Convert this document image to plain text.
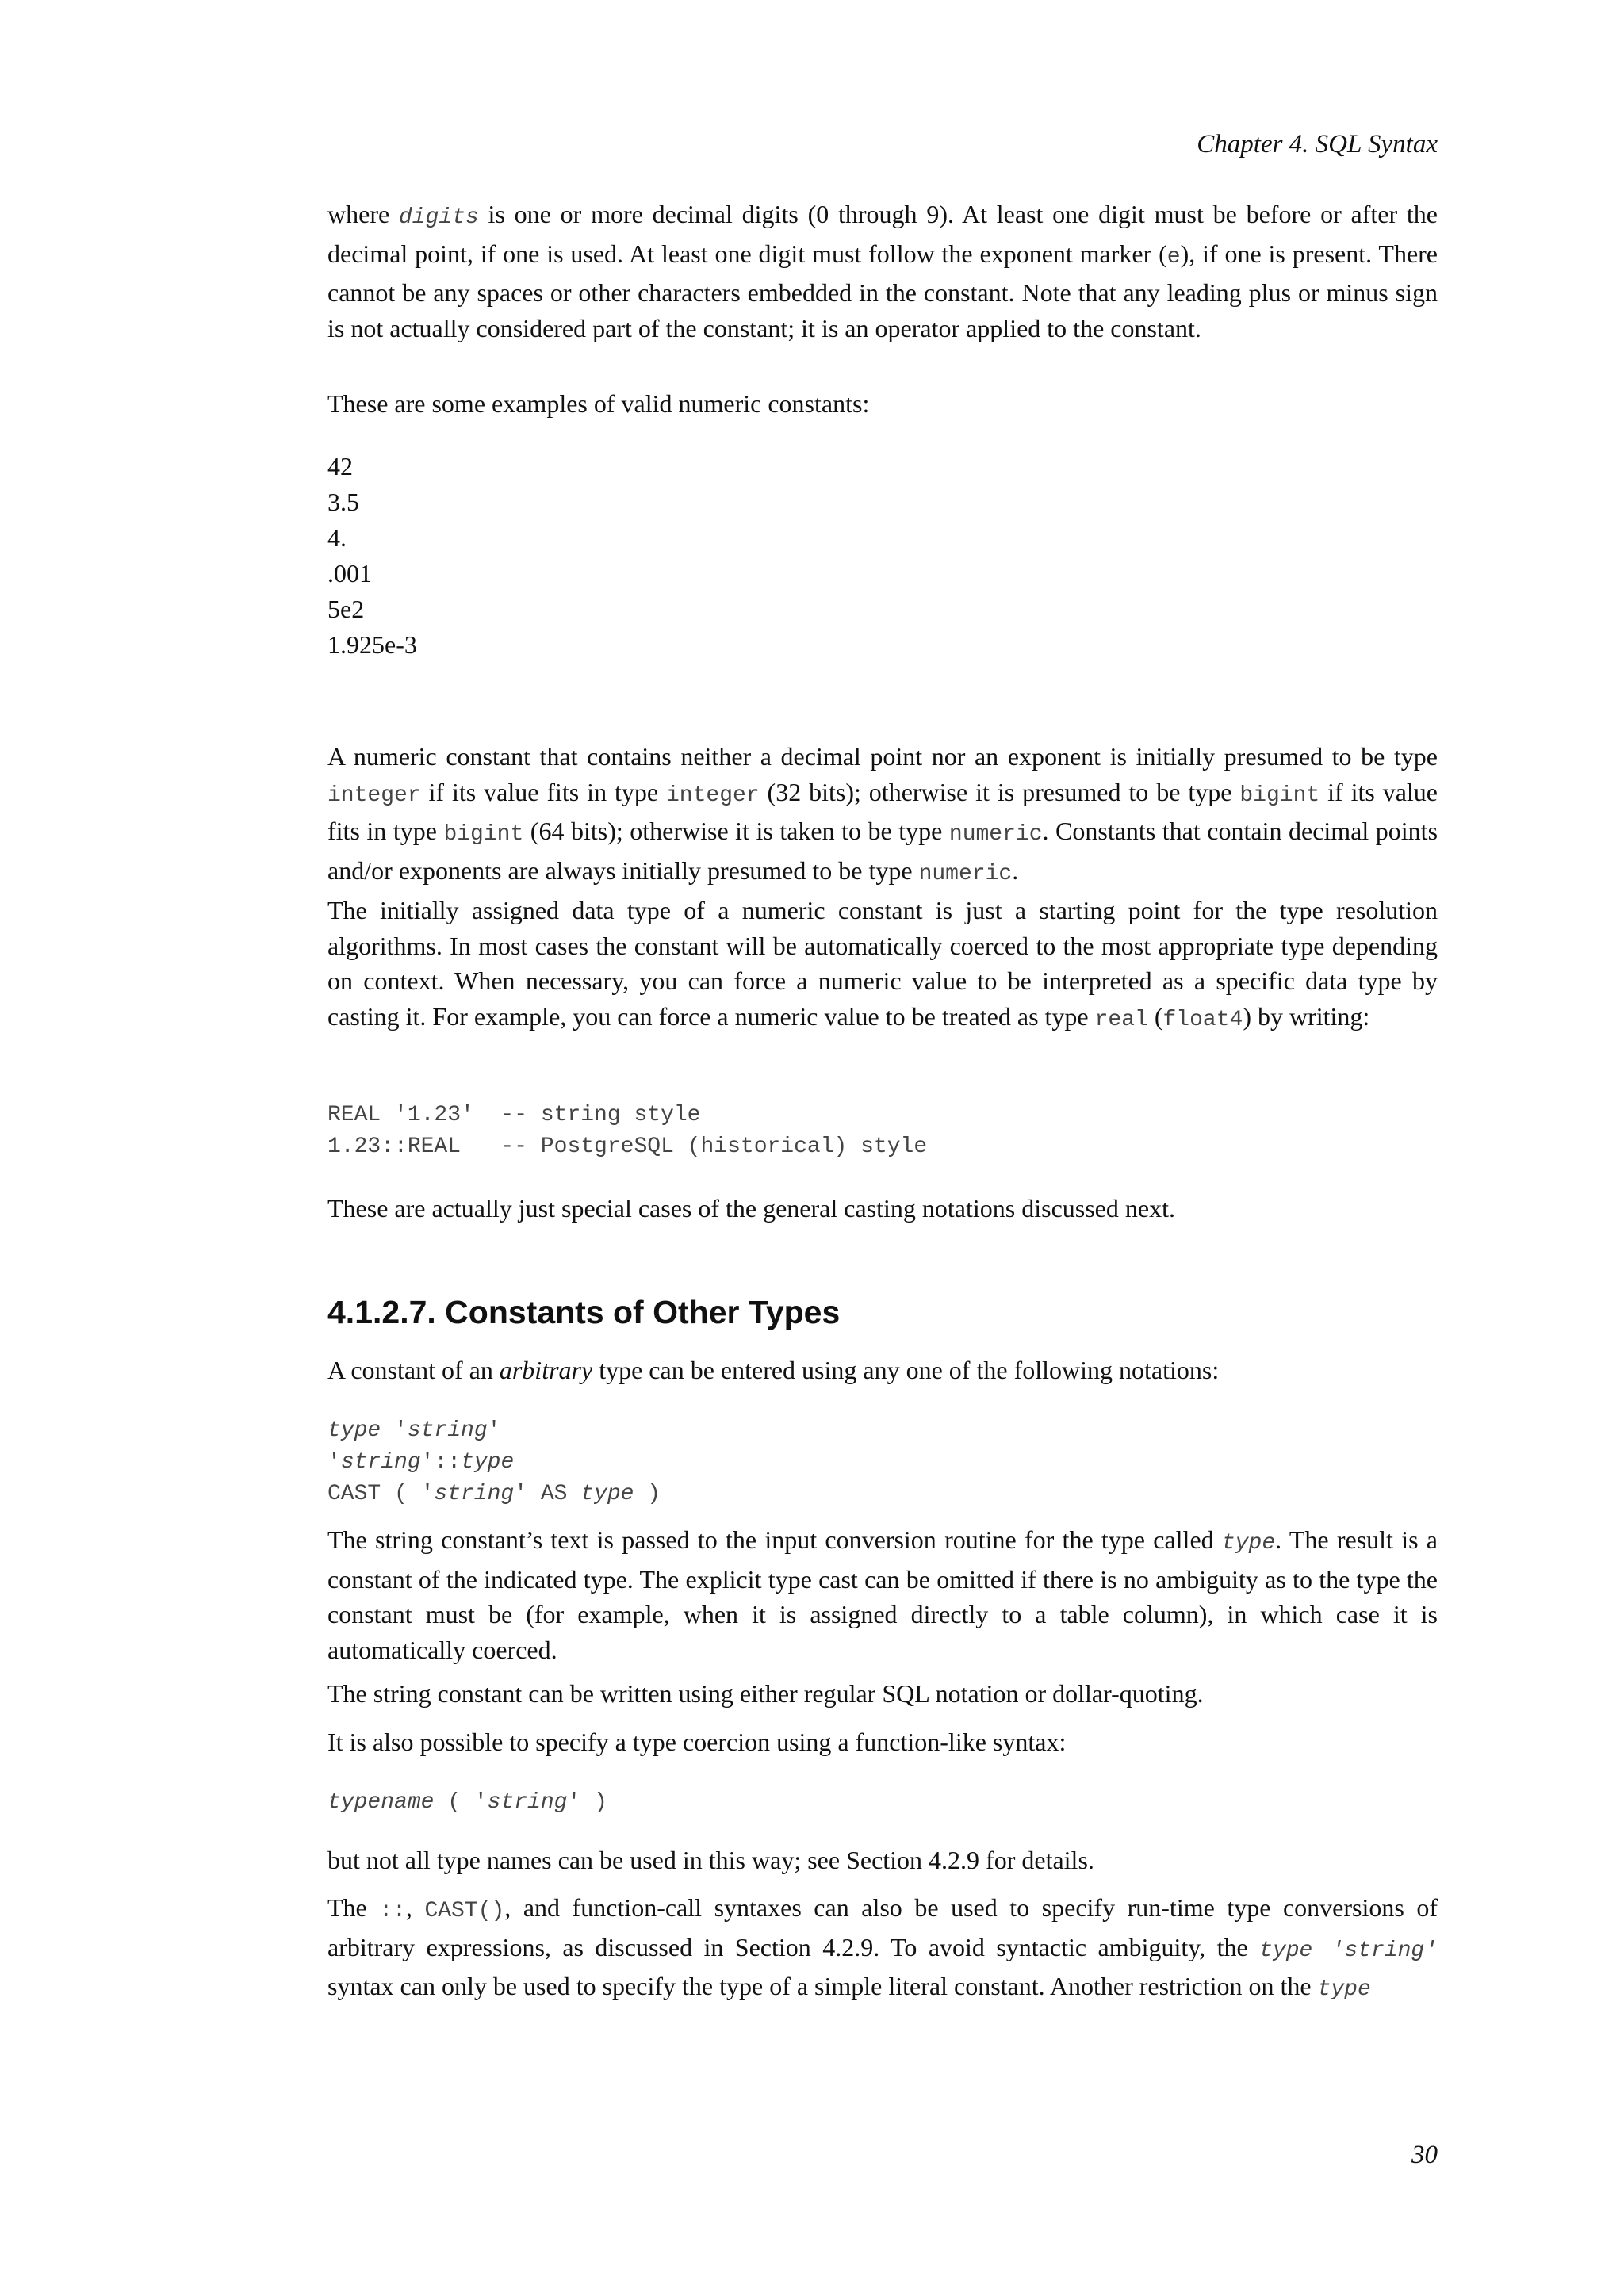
Chapter 4. SQL Syntax

where digits is one or more decimal digits (0 through 9). At least one digit must be before or after the decimal point, if one is used. At least one digit must follow the exponent marker (e), if one is present. There cannot be any spaces or other characters embedded in the constant. Note that any leading plus or minus sign is not actually considered part of the constant; it is an operator applied to the constant.

These are some examples of valid numeric constants:

42
3.5
4.
.001
5e2
1.925e-3

A numeric constant that contains neither a decimal point nor an exponent is initially presumed to be type integer if its value fits in type integer (32 bits); otherwise it is presumed to be type bigint if its value fits in type bigint (64 bits); otherwise it is taken to be type numeric. Constants that contain decimal points and/or exponents are always initially presumed to be type numeric.

The initially assigned data type of a numeric constant is just a starting point for the type resolution algorithms. In most cases the constant will be automatically coerced to the most appropriate type depending on context. When necessary, you can force a numeric value to be interpreted as a specific data type by casting it. For example, you can force a numeric value to be treated as type real (float4) by writing:

REAL '1.23'  -- string style
1.23::REAL   -- PostgreSQL (historical) style

These are actually just special cases of the general casting notations discussed next.

4.1.2.7. Constants of Other Types

A constant of an arbitrary type can be entered using any one of the following notations:

type 'string'
'string'::type
CAST ( 'string' AS type )

The string constant’s text is passed to the input conversion routine for the type called type. The result is a constant of the indicated type. The explicit type cast can be omitted if there is no ambiguity as to the type the constant must be (for example, when it is assigned directly to a table column), in which case it is automatically coerced.

The string constant can be written using either regular SQL notation or dollar-quoting.

It is also possible to specify a type coercion using a function-like syntax:

typename ( 'string' )

but not all type names can be used in this way; see Section 4.2.9 for details.

The ::, CAST(), and function-call syntaxes can also be used to specify run-time type conversions of arbitrary expressions, as discussed in Section 4.2.9. To avoid syntactic ambiguity, the type 'string' syntax can only be used to specify the type of a simple literal constant. Another restriction on the type

30
